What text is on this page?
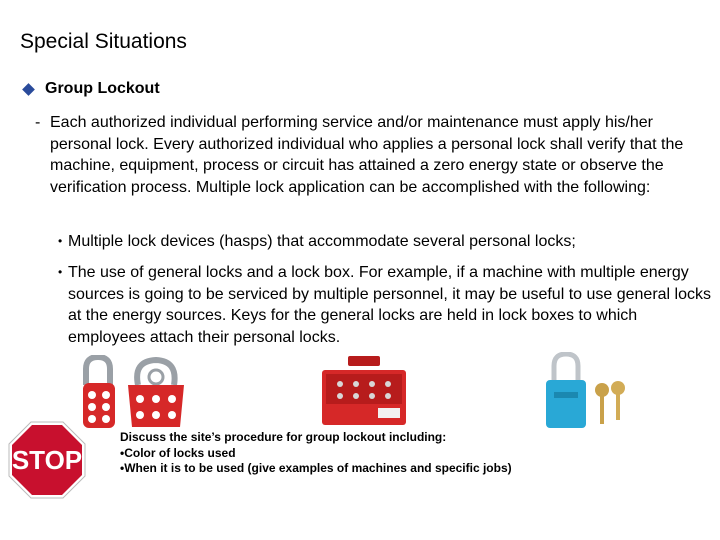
Special Situations
Group Lockout
- Each authorized individual performing service and/or maintenance must apply his/her personal lock. Every authorized individual who applies a personal lock shall verify that the machine, equipment, process or circuit has attained a zero energy state or observe the verification process. Multiple lock application can be accomplished with the following:
• Multiple lock devices (hasps) that accommodate several personal locks;
• The use of general locks and a lock box. For example, if a machine with multiple energy sources is going to be serviced by multiple personnel, it may be useful to use general locks at the energy sources. Keys for the general locks are held in lock boxes to which employees attach their personal locks.
STOP
Discuss the site’s procedure for group lockout including:
•Color of locks used
•When it is to be used (give examples of machines and specific jobs)
